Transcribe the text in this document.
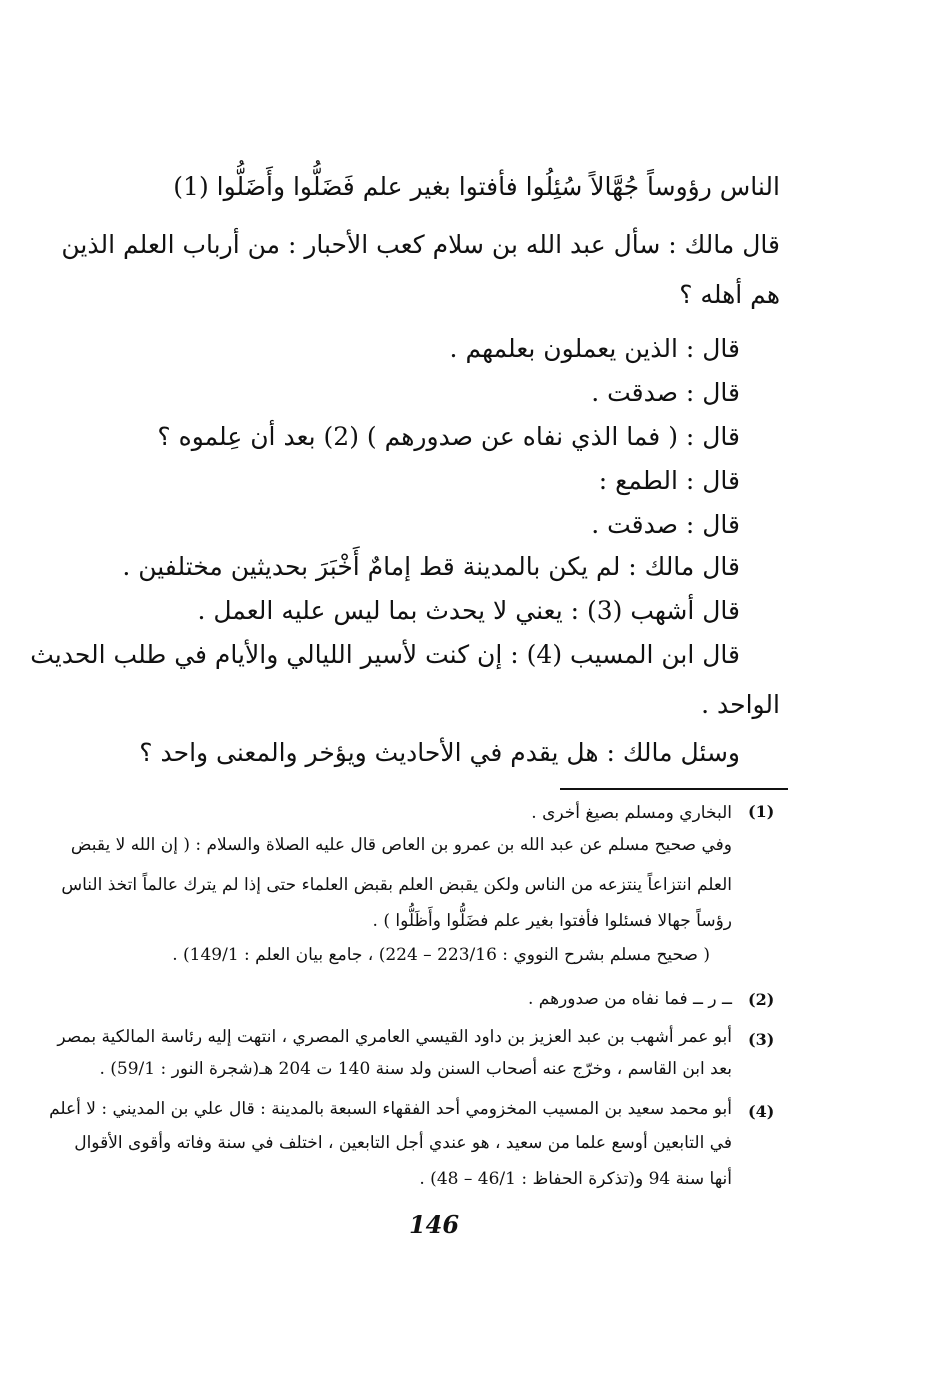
الناس رؤوساً جُهَّالاً سُئِلُوا فأفتوا بغير علم فَضَلُّوا وأَضَلُّوا (1)
قال مالك : سأل عبد الله بن سلام كعب الأحبار : من أرباب العلم الذين
هم أهله ؟
قال : الذين يعملون بعلمهم .
قال : صدقت .
قال : ( فما الذي نفاه عن صدورهم ) (2) بعد أن عِلموه ؟
قال : الطمع :
قال : صدقت .
قال مالك : لم يكن بالمدينة قط إمامٌ أَخْبَرَ بحديثين مختلفين .
قال أشهب (3) : يعني لا يحدث بما ليس عليه العمل .
قال ابن المسيب (4) : إن كنت لأسير الليالي والأيام في طلب الحديث
الواحد .
وسئل مالك : هل يقدم في الأحاديث ويؤخر والمعنى واحد ؟
(1)
البخاري ومسلم بصيغ أخرى .
وفي صحيح مسلم عن عبد الله بن عمرو بن العاص قال عليه الصلاة والسلام : ( إن الله لا يقبض
العلم انتزاعاً ينتزعه من الناس ولكن يقبض العلم بقبض العلماء حتى إذا لم يترك عالماً اتخذ الناس
رؤساً جهالا فسئلوا فأفتوا بغير علم فضَلُّوا وأَظَلُّوا ) .
( صحيح مسلم بشرح النووي : 223/16 – 224) ، جامع بيان العلم : 149/1) .
(2)
ــ ر ــ فما نفاه من صدورهم .
(3)
أبو عمر أشهب بن عبد العزيز بن داود القيسي العامري المصري ، انتهت إليه رئاسة المالكية بمصر
بعد ابن القاسم ، وخرّج عنه أصحاب السنن ولد سنة 140 ت 204 هـ(شجرة النور : 59/1) .
(4)
أبو محمد سعيد بن المسيب المخزومي أحد الفقهاء السبعة بالمدينة : قال علي بن المديني : لا أعلم
في التابعين أوسع علما من سعيد ، هو عندي أجل التابعين ، اختلف في سنة وفاته وأقوى الأقوال
أنها سنة 94 و(تذكرة الحفاظ : 46/1 – 48) .
146
